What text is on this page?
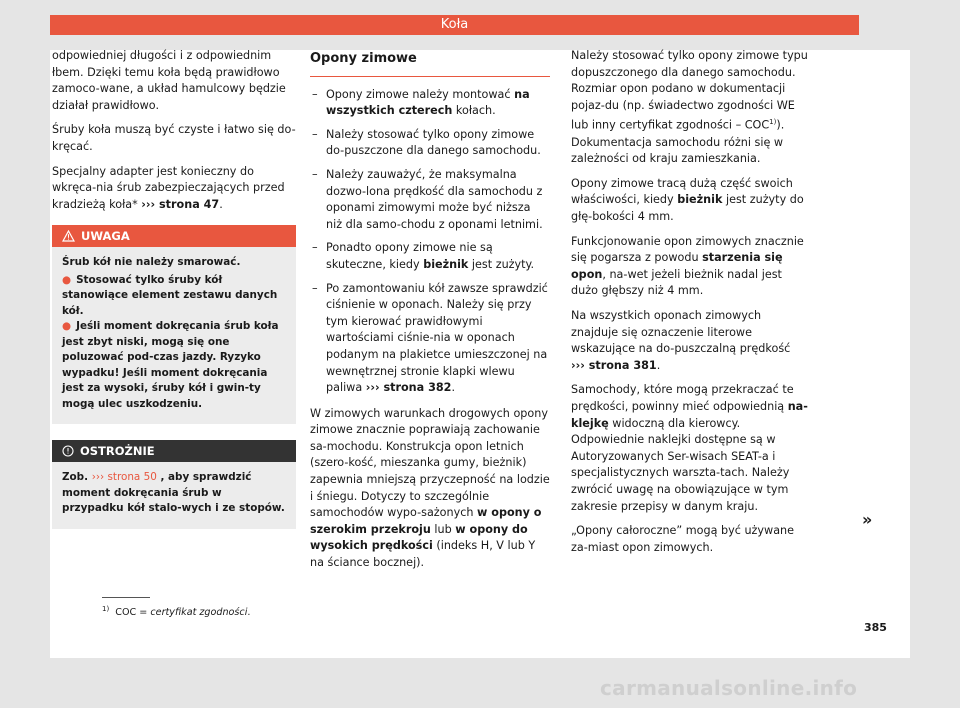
Koła

odpowiedniej długości i z odpowiednim łbem. Dzięki temu koła będą prawidłowo zamoco-wane, a układ hamulcowy będzie działał prawidłowo.

Śruby koła muszą być czyste i łatwo się do-kręcać.

Specjalny adapter jest konieczny do wkręca-nia śrub zabezpieczających przed kradzieżą koła* ››› strona 47.

UWAGA
Śrub kół nie należy smarować.
● Stosować tylko śruby kół stanowiące element zestawu danych kół.
● Jeśli moment dokręcania śrub koła jest zbyt niski, mogą się one poluzować pod-czas jazdy. Ryzyko wypadku! Jeśli moment dokręcania jest za wysoki, śruby kół i gwin-ty mogą ulec uszkodzeniu.
OSTROŻNIE
Zob. ››› strona 50 , aby sprawdzić moment dokręcania śrub w przypadku kół stalo-wych i ze stopów.
Opony zimowe
– Opony zimowe należy montować na wszystkich czterech kołach.
– Należy stosować tylko opony zimowe do-puszczone dla danego samochodu.
– Należy zauważyć, że maksymalna dozwo-lona prędkość dla samochodu z oponami zimowymi może być niższa niż dla samo-chodu z oponami letnimi.
– Ponadto opony zimowe nie są skuteczne, kiedy bieżnik jest zużyty.
– Po zamontowaniu kół zawsze sprawdzić ciśnienie w oponach. Należy się przy tym kierować prawidłowymi wartościami ciśnie-nia w oponach podanym na plakietce umieszczonej na wewnętrznej stronie klapki wlewu paliwa ››› strona 382.

W zimowych warunkach drogowych opony zimowe znacznie poprawiają zachowanie sa-mochodu. Konstrukcja opon letnich (szero-kość, mieszanka gumy, bieżnik) zapewnia mniejszą przyczepność na lodzie i śniegu. Dotyczy to szczególnie samochodów wypo-sażonych w opony o szerokim przekroju lub w opony do wysokich prędkości (indeks H, V lub Y na ściance bocznej).

Należy stosować tylko opony zimowe typu dopuszczonego dla danego samochodu. Rozmiar opon podano w dokumentacji pojaz-du (np. świadectwo zgodności WE lub inny certyfikat zgodności – COC$^{1)}$). Dokumentacja samochodu różni się w zależności od kraju zamieszkania.

Opony zimowe tracą dużą część swoich właściwości, kiedy bieżnik jest zużyty do głę-bokości 4 mm.

Funkcjonowanie opon zimowych znacznie się pogarsza z powodu starzenia się opon, na-wet jeżeli bieżnik nadal jest dużo głębszy niż 4 mm.

Na wszystkich oponach zimowych znajduje się oznaczenie literowe wskazujące na do-puszczalną prędkość ››› strona 381.

Samochody, które mogą przekraczać te prędkości, powinny mieć odpowiednią na-klejkę widoczną dla kierowcy. Odpowiednie naklejki dostępne są w Autoryzowanych Ser-wisach SEAT-a i specjalistycznych warszta-tach. Należy zwrócić uwagę na obowiązujące w tym zakresie przepisy w danym kraju.

„Opony całoroczne” mogą być używane za-miast opon zimowych.

»
$^{1)}$ COC = certyfikat zgodności.
385
carmanualsonline.info
